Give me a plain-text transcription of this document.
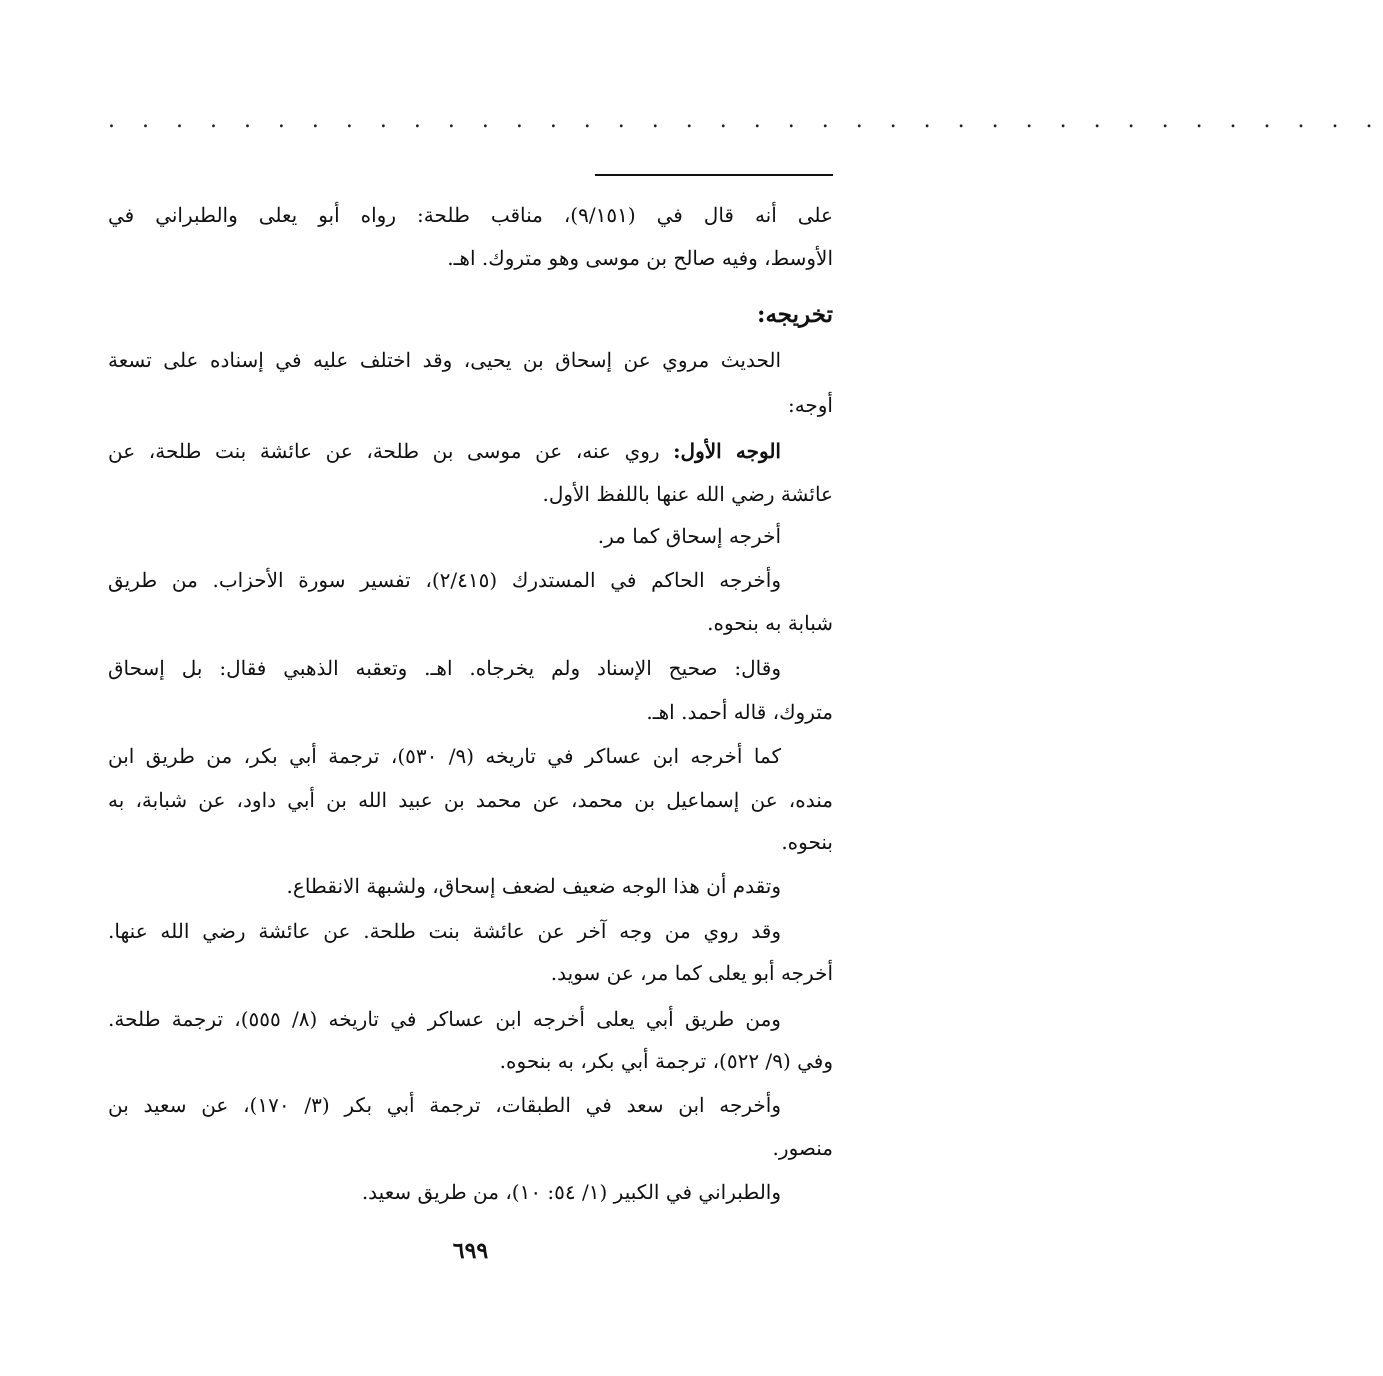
. . . . . . . . . . . . . . . . . . . . . . . . . . . . . . . . . . . . . .
على أنه قال في (٩/١٥١)، مناقب طلحة: رواه أبو يعلى والطبراني في
الأوسط، وفيه صالح بن موسى وهو متروك. اهـ.
تخريجه:
الحديث مروي عن إسحاق بن يحيى، وقد اختلف عليه في إسناده على تسعة
أوجه:
الوجه الأول: روي عنه، عن موسى بن طلحة، عن عائشة بنت طلحة، عن
عائشة رضي الله عنها باللفظ الأول.
أخرجه إسحاق كما مر.
وأخرجه الحاكم في المستدرك (٢/٤١٥)، تفسير سورة الأحزاب. من طريق
شبابة به بنحوه.
وقال: صحيح الإسناد ولم يخرجاه. اهـ. وتعقبه الذهبي فقال: بل إسحاق
متروك، قاله أحمد. اهـ.
كما أخرجه ابن عساكر في تاريخه (٩/ ٥٣٠)، ترجمة أبي بكر، من طريق ابن
منده، عن إسماعيل بن محمد، عن محمد بن عبيد الله بن أبي داود، عن شبابة، به
بنحوه.
وتقدم أن هذا الوجه ضعيف لضعف إسحاق، ولشبهة الانقطاع.
وقد روي من وجه آخر عن عائشة بنت طلحة. عن عائشة رضي الله عنها.
أخرجه أبو يعلى كما مر، عن سويد.
ومن طريق أبي يعلى أخرجه ابن عساكر في تاريخه (٨/ ٥٥٥)، ترجمة طلحة.
وفي (٩/ ٥٢٢)، ترجمة أبي بكر، به بنحوه.
وأخرجه ابن سعد في الطبقات، ترجمة أبي بكر (٣/ ١٧٠)، عن سعيد بن
منصور.
والطبراني في الكبير (١/ ٥٤: ١٠)، من طريق سعيد.
٦٩٩
